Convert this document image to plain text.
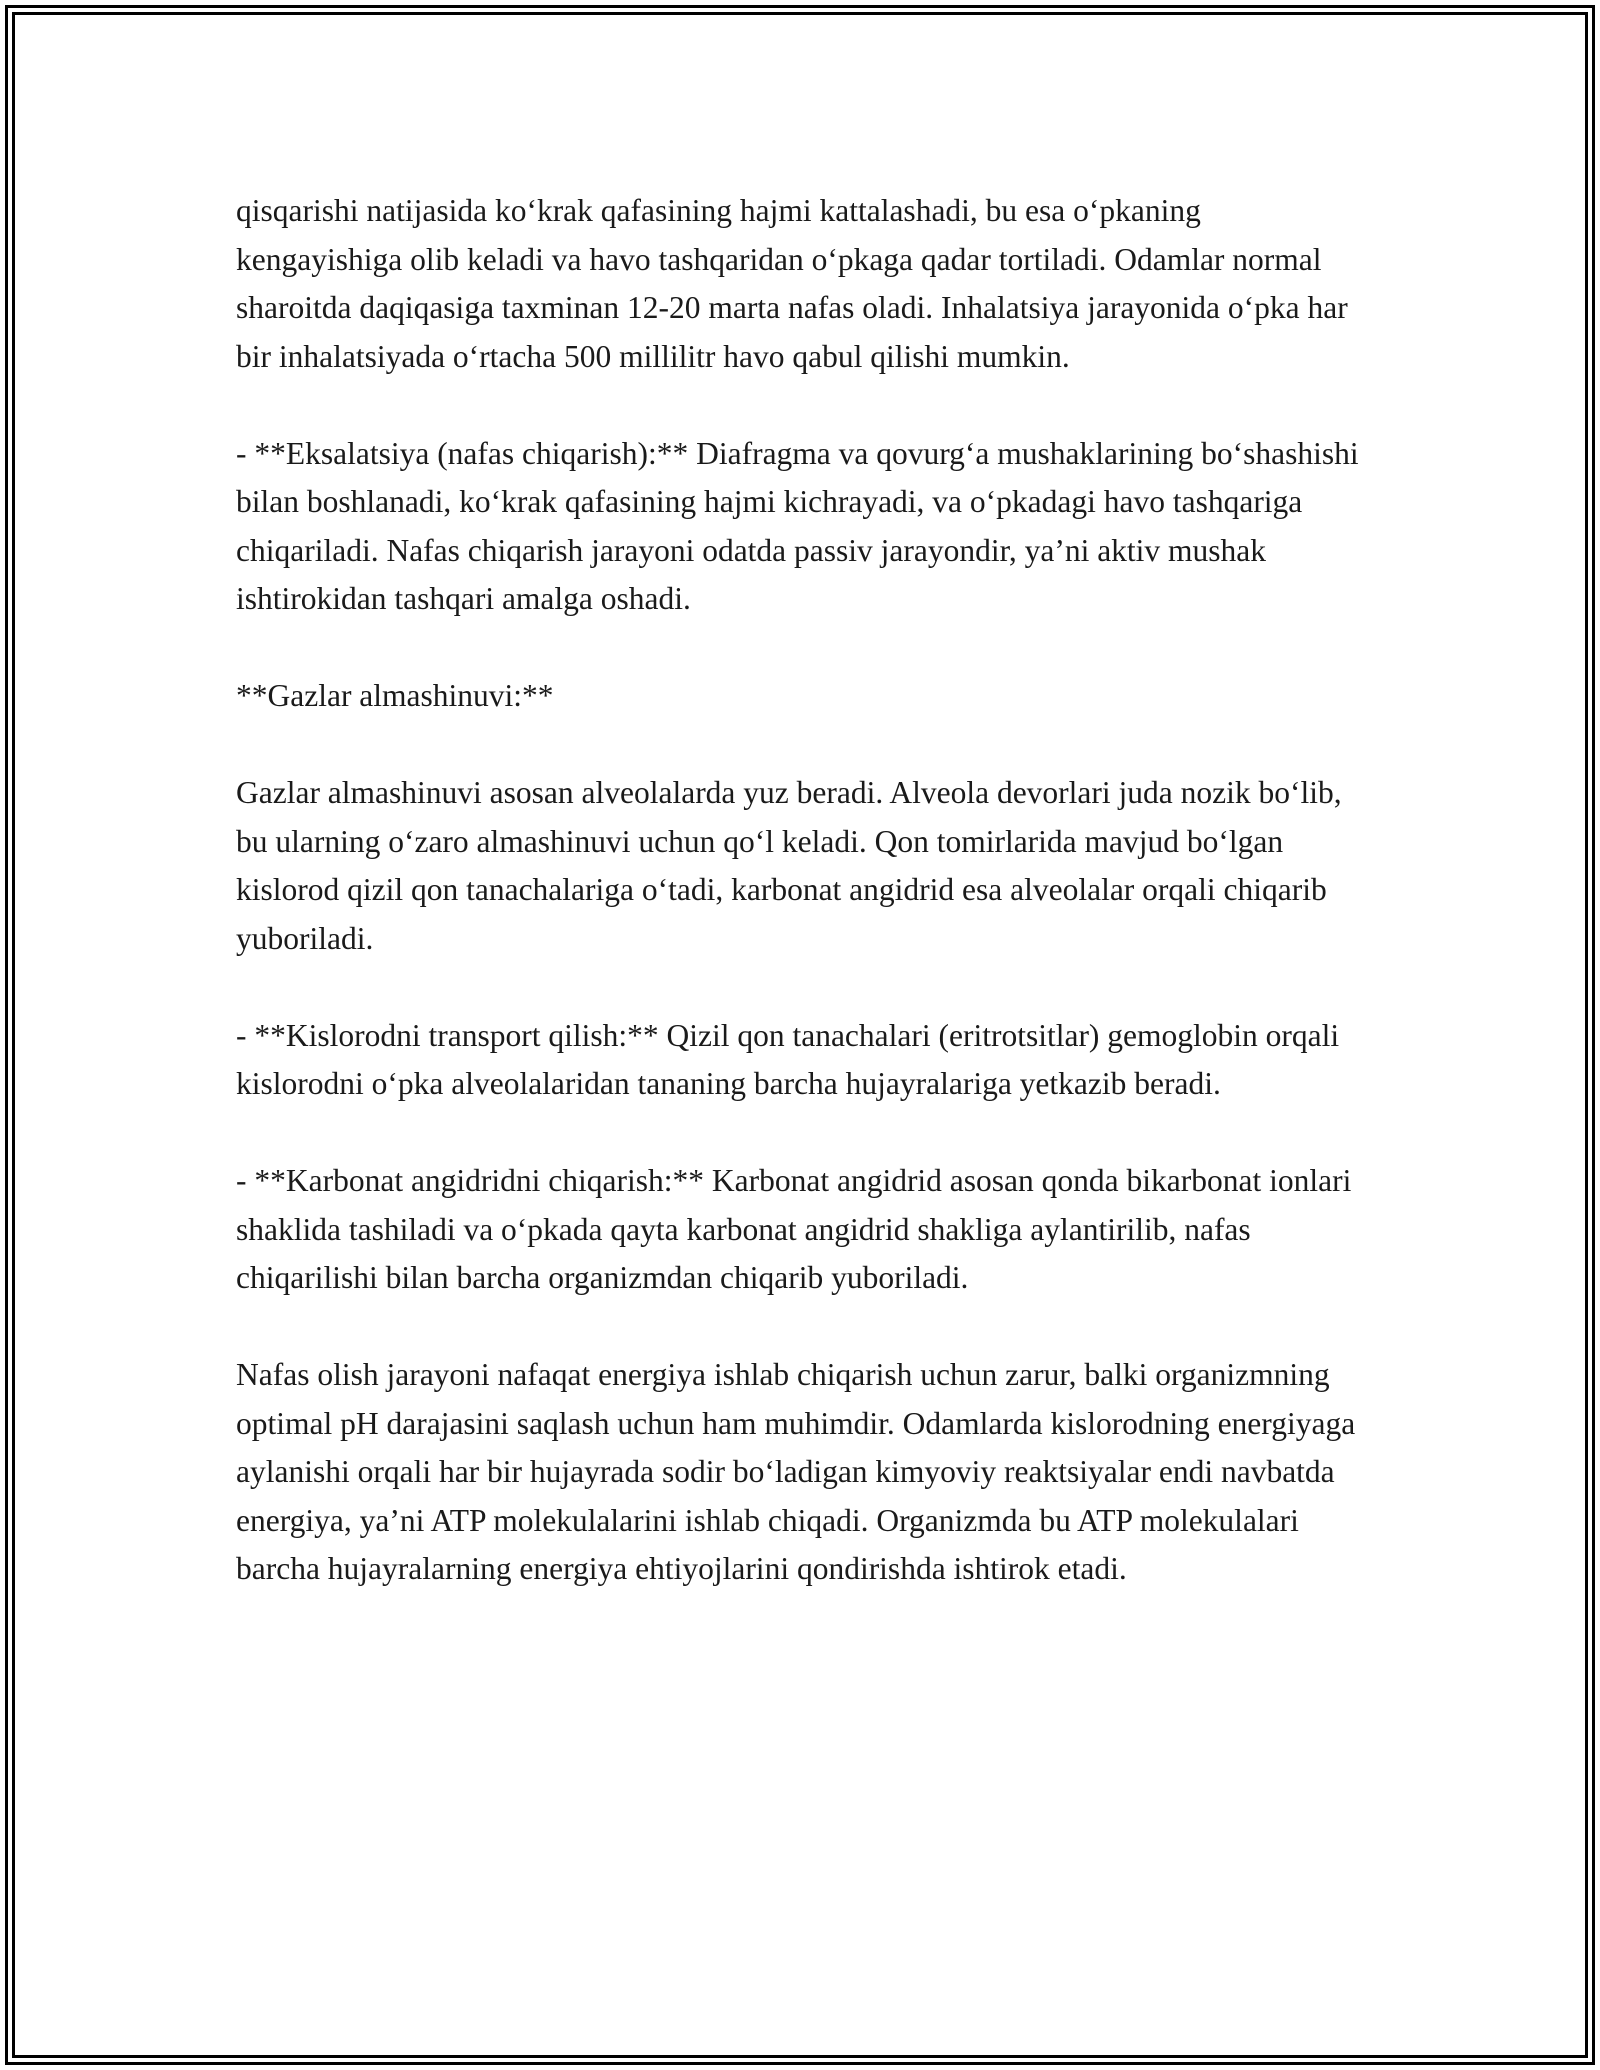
qisqarishi natijasida ko‘krak qafasining hajmi kattalashadi, bu esa o‘pkaning kengayishiga olib keladi va havo tashqaridan o‘pkaga qadar tortiladi. Odamlar normal sharoitda daqiqasiga taxminan 12-20 marta nafas oladi. Inhalatsiya jarayonida o‘pka har bir inhalatsiyada o‘rtacha 500 millilitr havo qabul qilishi mumkin.

- **Eksalatsiya (nafas chiqarish):** Diafragma va qovurg‘a mushaklarining bo‘shashishi bilan boshlanadi, ko‘krak qafasining hajmi kichrayadi, va o‘pkadagi havo tashqariga chiqariladi. Nafas chiqarish jarayoni odatda passiv jarayondir, ya’ni aktiv mushak ishtirokidan tashqari amalga oshadi.

**Gazlar almashinuvi:**

Gazlar almashinuvi asosan alveolalarda yuz beradi. Alveola devorlari juda nozik bo‘lib, bu ularning o‘zaro almashinuvi uchun qo‘l keladi. Qon tomirlarida mavjud bo‘lgan kislorod qizil qon tanachalariga o‘tadi, karbonat angidrid esa alveolalar orqali chiqarib yuboriladi.

- **Kislorodni transport qilish:** Qizil qon tanachalari (eritrotsitlar) gemoglobin orqali kislorodni o‘pka alveolalaridan tananing barcha hujayralariga yetkazib beradi.

- **Karbonat angidridni chiqarish:** Karbonat angidrid asosan qonda bikarbonat ionlari shaklida tashiladi va o‘pkada qayta karbonat angidrid shakliga aylantirilib, nafas chiqarilishi bilan barcha organizmdan chiqarib yuboriladi.

Nafas olish jarayoni nafaqat energiya ishlab chiqarish uchun zarur, balki organizmning optimal pH darajasini saqlash uchun ham muhimdir. Odamlarda kislorodning energiyaga aylanishi orqali har bir hujayrada sodir bo‘ladigan kimyoviy reaktsiyalar endi navbatda energiya, ya’ni ATP molekulalarini ishlab chiqadi. Organizmda bu ATP molekulalari barcha hujayralarning energiya ehtiyojlarini qondirishda ishtirok etadi.
